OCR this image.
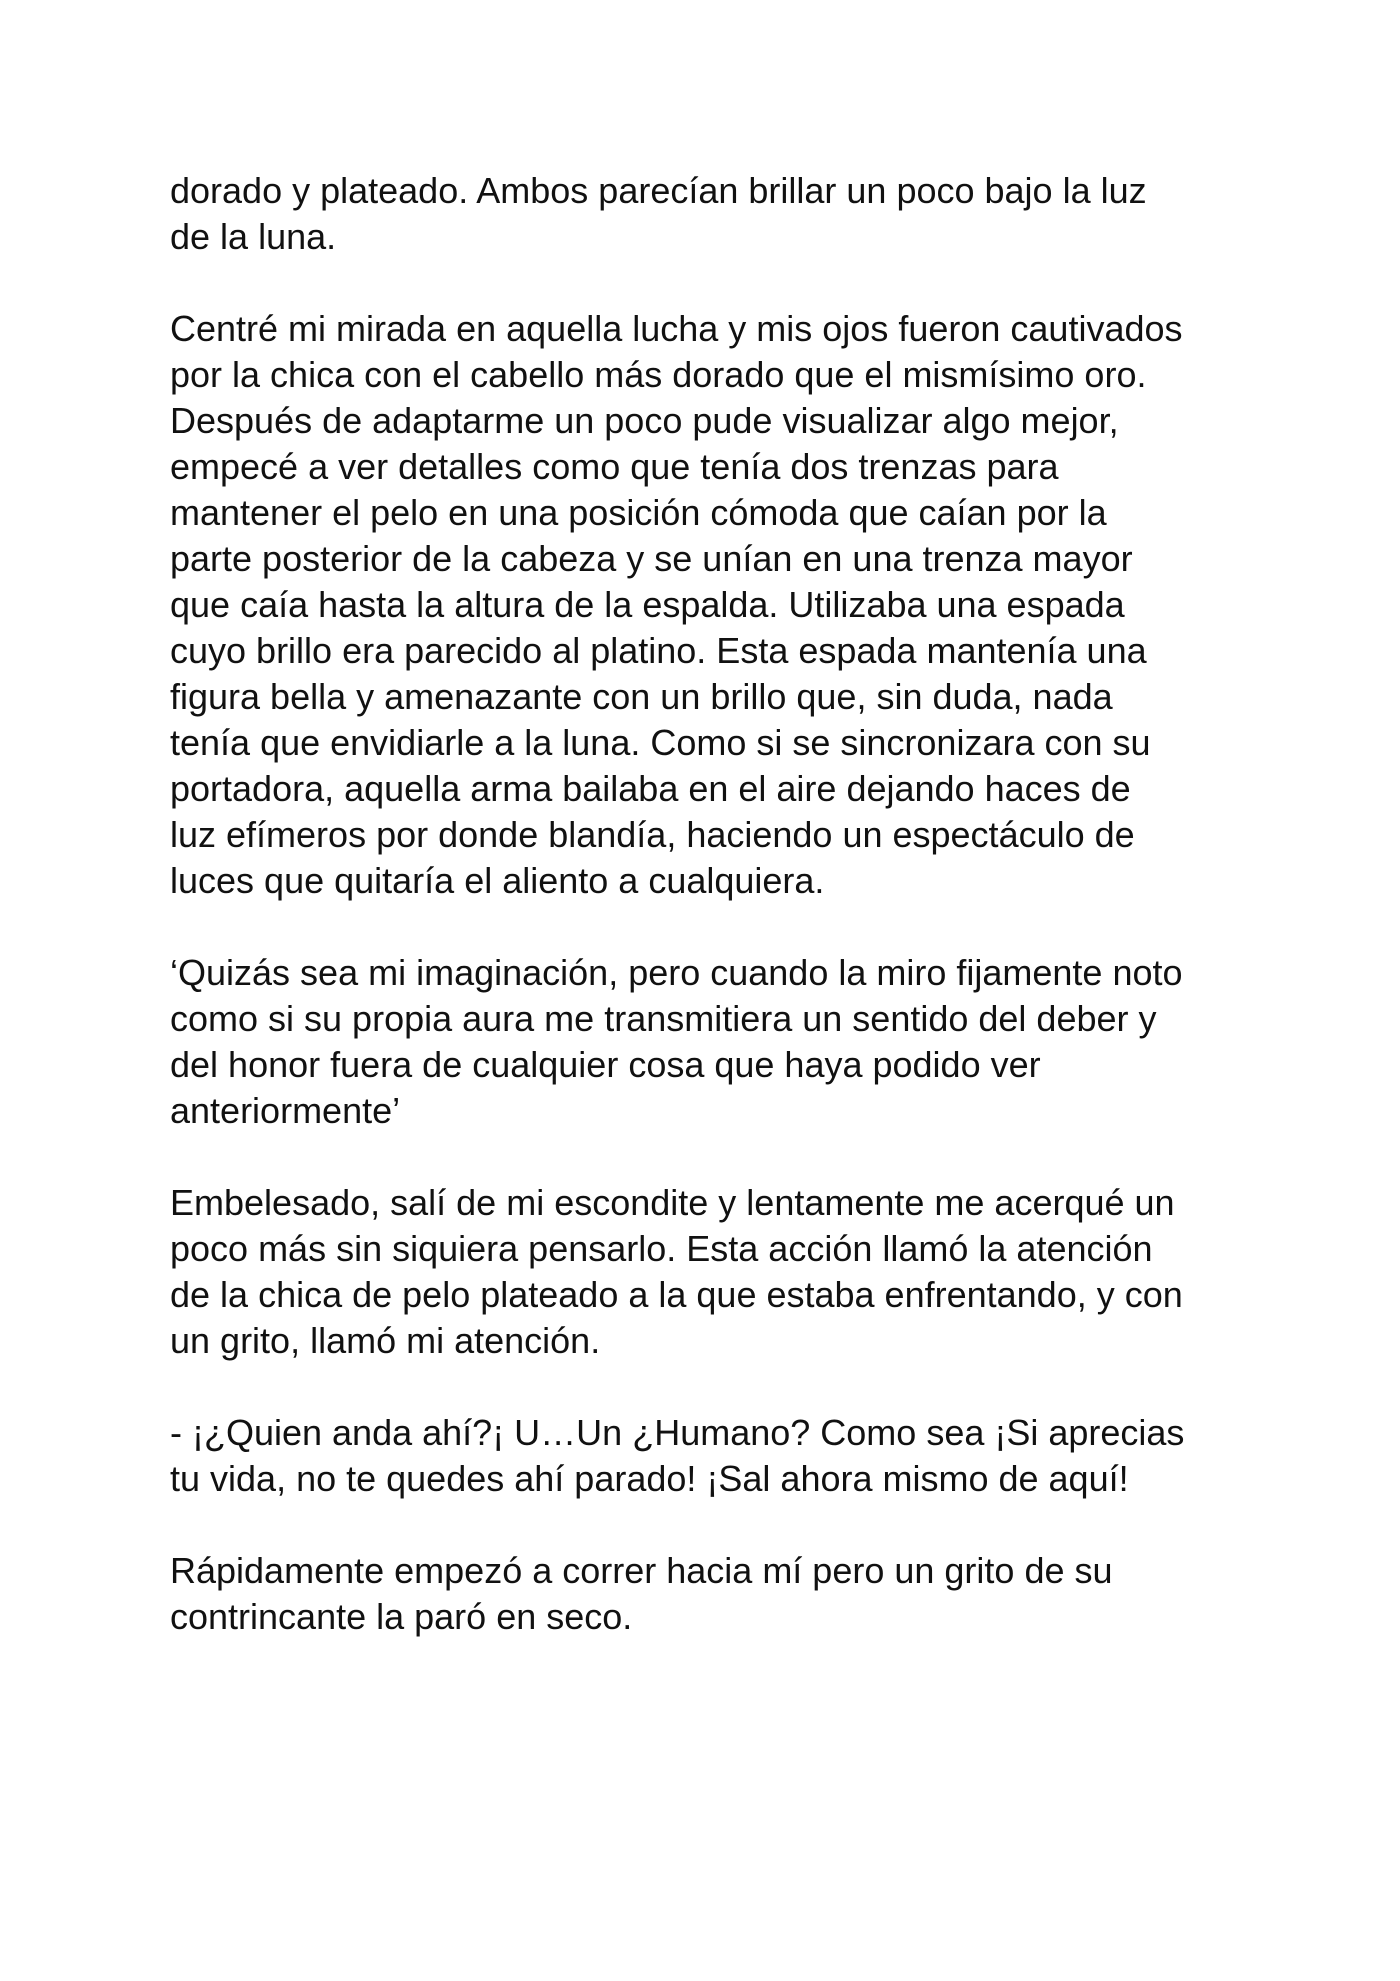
dorado y plateado. Ambos parecían brillar un poco bajo la luz
de la luna.

Centré mi mirada en aquella lucha y mis ojos fueron cautivados
por la chica con el cabello más dorado que el mismísimo oro.
Después de adaptarme un poco pude visualizar algo mejor,
empecé a ver detalles como que tenía dos trenzas para
mantener el pelo en una posición cómoda que caían por la
parte posterior de la cabeza y se unían en una trenza mayor
que caía hasta la altura de la espalda. Utilizaba una espada
cuyo brillo era parecido al platino. Esta espada mantenía una
figura bella y amenazante con un brillo que, sin duda, nada
tenía que envidiarle a la luna. Como si se sincronizara con su
portadora, aquella arma bailaba en el aire dejando haces de
luz efímeros por donde blandía, haciendo un espectáculo de
luces que quitaría el aliento a cualquiera.

‘Quizás sea mi imaginación, pero cuando la miro fijamente noto
como si su propia aura me transmitiera un sentido del deber y
del honor fuera de cualquier cosa que haya podido ver
anteriormente’

Embelesado, salí de mi escondite y lentamente me acerqué un
poco más sin siquiera pensarlo. Esta acción llamó la atención
de la chica de pelo plateado a la que estaba enfrentando, y con
un grito, llamó mi atención.

- ¡¿Quien anda ahí?¡ U…Un ¿Humano? Como sea ¡Si aprecias
tu vida, no te quedes ahí parado! ¡Sal ahora mismo de aquí!

Rápidamente empezó a correr hacia mí pero un grito de su
contrincante la paró en seco.
